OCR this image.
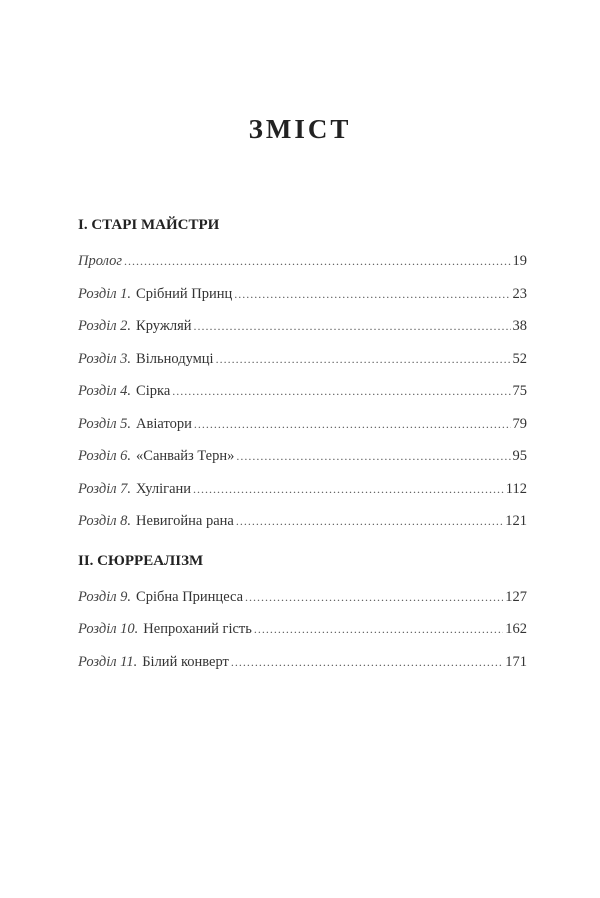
ЗМІСТ
I. СТАРІ МАЙСТРИ
Пролог .....	19
Розділ 1. Срібний Принц .....	23
Розділ 2. Кружляй .....	38
Розділ 3. Вільнодумці .....	52
Розділ 4. Сірка .....	75
Розділ 5. Авіатори .....	79
Розділ 6. «Санвайз Терн» .....	95
Розділ 7. Хулігани .....	112
Розділ 8. Невигойна рана .....	121
II. СЮРРЕАЛІЗМ
Розділ 9. Срібна Принцеса .....	127
Розділ 10. Непроханий гість .....	162
Розділ 11. Білий конверт .....	171
